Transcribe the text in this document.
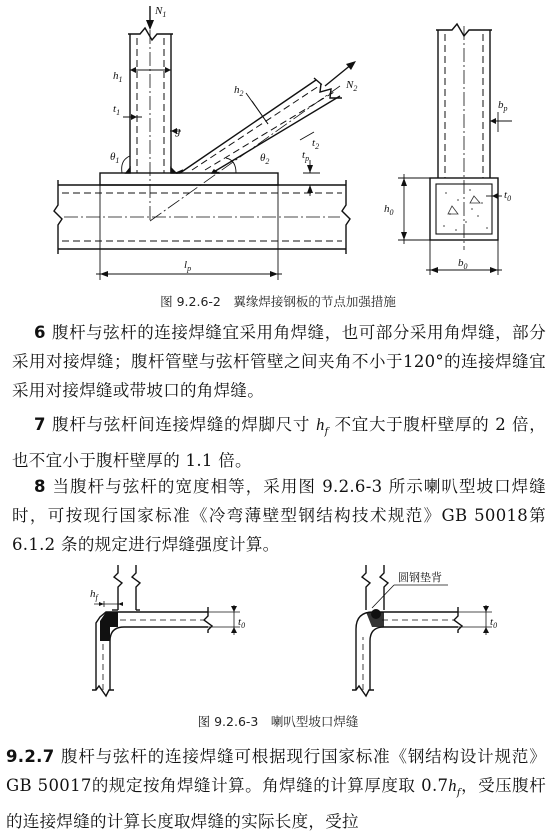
$N_1$
$N_2$
$h_1$
$t_1$
g
$h_2$
$t_2$
$\theta_1$	$\theta_2$
$t_p$
$l_p$
$b_p$
$h_0$
$t_0$
$b_0$
图 9.2.6-2　翼缘焊接钢板的节点加强措施
6 腹杆与弦杆的连接焊缝宜采用角焊缝，也可部分采用角焊缝，部分采用对接焊缝；腹杆管壁与弦杆管壁之间夹角不小于120°的连接焊缝宜采用对接焊缝或带坡口的角焊缝。
7 腹杆与弦杆间连接焊缝的焊脚尺寸 $h_f$ 不宜大于腹杆壁厚的 2 倍，也不宜小于腹杆壁厚的 1.1 倍。
8 当腹杆与弦杆的宽度相等，采用图 9.2.6-3 所示喇叭型坡口焊缝时，可按现行国家标准《冷弯薄壁型钢结构技术规范》GB 50018第 6.1.2 条的规定进行焊缝强度计算。
$h_f$
$t_0$	$t_0$
圆钢垫背
图 9.2.6-3　喇叭型坡口焊缝
9.2.7 腹杆与弦杆的连接焊缝可根据现行国家标准《钢结构设计规范》GB 50017的规定按角焊缝计算。角焊缝的计算厚度取 $0.7h_f$，受压腹杆的连接焊缝的计算长度取焊缝的实际长度，受拉
